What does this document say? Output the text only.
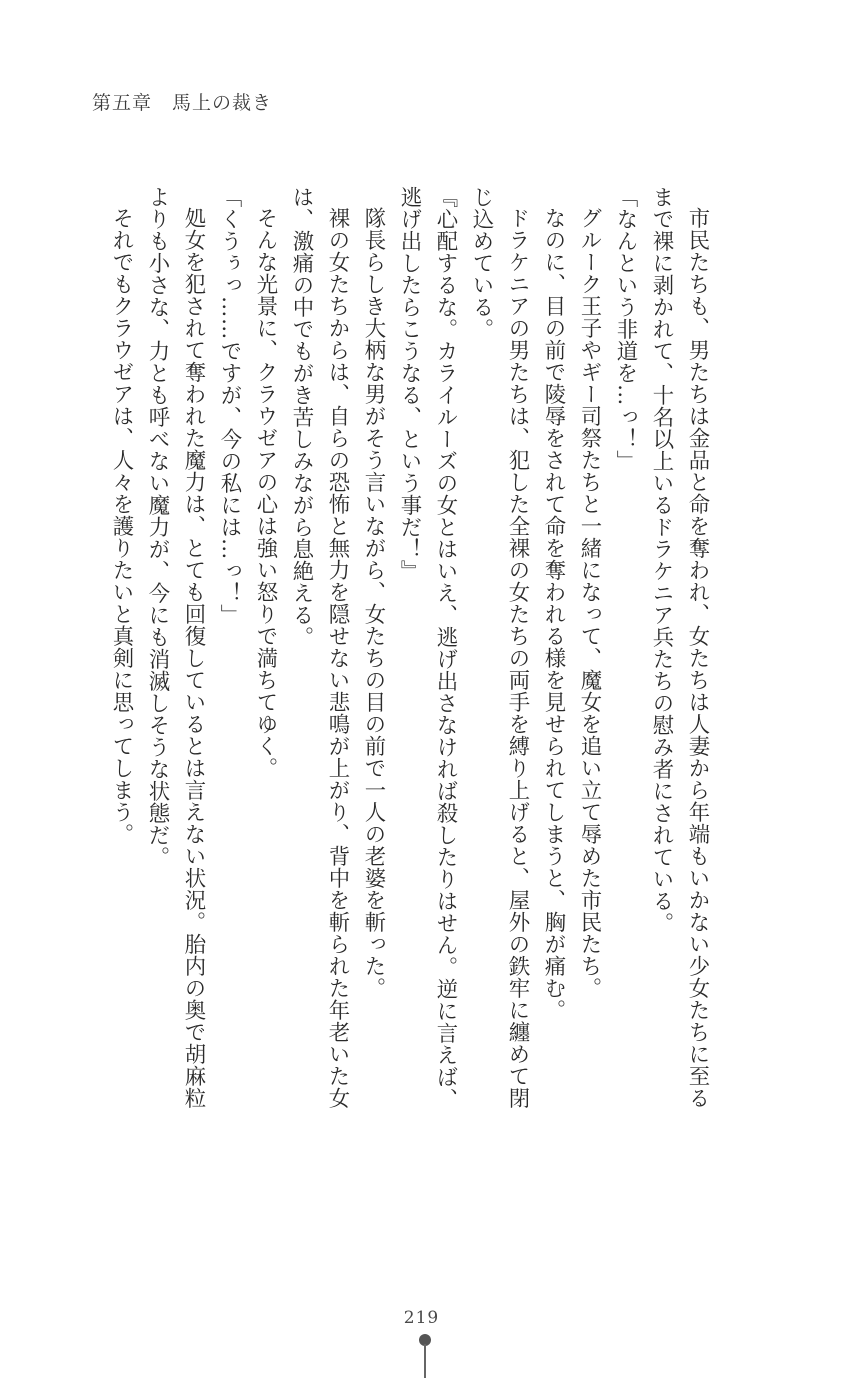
第五章　馬上の裁き

市民たちも、男たちは金品と命を奪われ、女たちは人妻から年端もいかない少女たちに至るまで裸に剥かれて、十名以上いるドラケニア兵たちの慰み者にされている。

「なんという非道を…っ！」

グルーク王子やギー司祭たちと一緒になって、魔女を追い立て辱めた市民たち。

なのに、目の前で陵辱をされて命を奪われる様を見せられてしまうと、胸が痛む。

ドラケニアの男たちは、犯した全裸の女たちの両手を縛り上げると、屋外の鉄牢に纏めて閉じ込めている。

『心配するな。カライルーズの女とはいえ、逃げ出さなければ殺したりはせん。逆に言えば、逃げ出したらこうなる、という事だ！』

隊長らしき大柄な男がそう言いながら、女たちの目の前で一人の老婆を斬った。

裸の女たちからは、自らの恐怖と無力を隠せない悲鳴が上がり、背中を斬られた年老いた女は、激痛の中でもがき苦しみながら息絶える。

そんな光景に、クラウゼアの心は強い怒りで満ちてゆく。

「くうぅっ……ですが、今の私には…っ！」

処女を犯されて奪われた魔力は、とても回復しているとは言えない状況。胎内の奥で胡麻粒よりも小さな、力とも呼べない魔力が、今にも消滅しそうな状態だ。

それでもクラウゼアは、人々を護りたいと真剣に思ってしまう。

219
